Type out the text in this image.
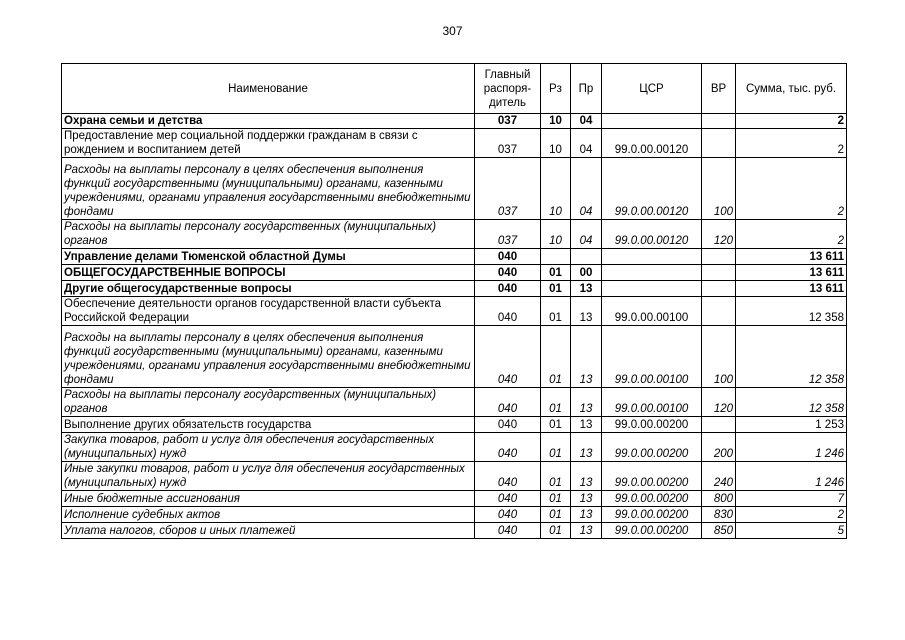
307
Наименование	Главный распоря-дитель	Рз	Пр	ЦСР	ВР	Сумма, тыс. руб.
Охрана семьи и детства	037	10	04			2
Предоставление мер социальной поддержки гражданам в связи с рождением и воспитанием детей	037	10	04	99.0.00.00120		2
Расходы на выплаты персоналу в целях обеспечения выполнения функций государственными (муниципальными) органами, казенными учреждениями, органами управления государственными внебюджетными фондами	037	10	04	99.0.00.00120	100	2
Расходы на выплаты персоналу государственных (муниципальных) органов	037	10	04	99.0.00.00120	120	2
Управление делами Тюменской областной Думы	040					13 611
ОБЩЕГОСУДАРСТВЕННЫЕ ВОПРОСЫ	040	01	00			13 611
Другие общегосударственные вопросы	040	01	13			13 611
Обеспечение деятельности органов государственной власти субъекта Российской Федерации	040	01	13	99.0.00.00100		12 358
Расходы на выплаты персоналу в целях обеспечения выполнения функций государственными (муниципальными) органами, казенными учреждениями, органами управления государственными внебюджетными фондами	040	01	13	99.0.00.00100	100	12 358
Расходы на выплаты персоналу государственных (муниципальных) органов	040	01	13	99.0.00.00100	120	12 358
Выполнение других обязательств государства	040	01	13	99.0.00.00200		1 253
Закупка товаров, работ и услуг для обеспечения государственных (муниципальных) нужд	040	01	13	99.0.00.00200	200	1 246
Иные закупки товаров, работ и услуг для обеспечения государственных (муниципальных) нужд	040	01	13	99.0.00.00200	240	1 246
Иные бюджетные ассигнования	040	01	13	99.0.00.00200	800	7
Исполнение судебных актов	040	01	13	99.0.00.00200	830	2
Уплата налогов, сборов и иных платежей	040	01	13	99.0.00.00200	850	5
